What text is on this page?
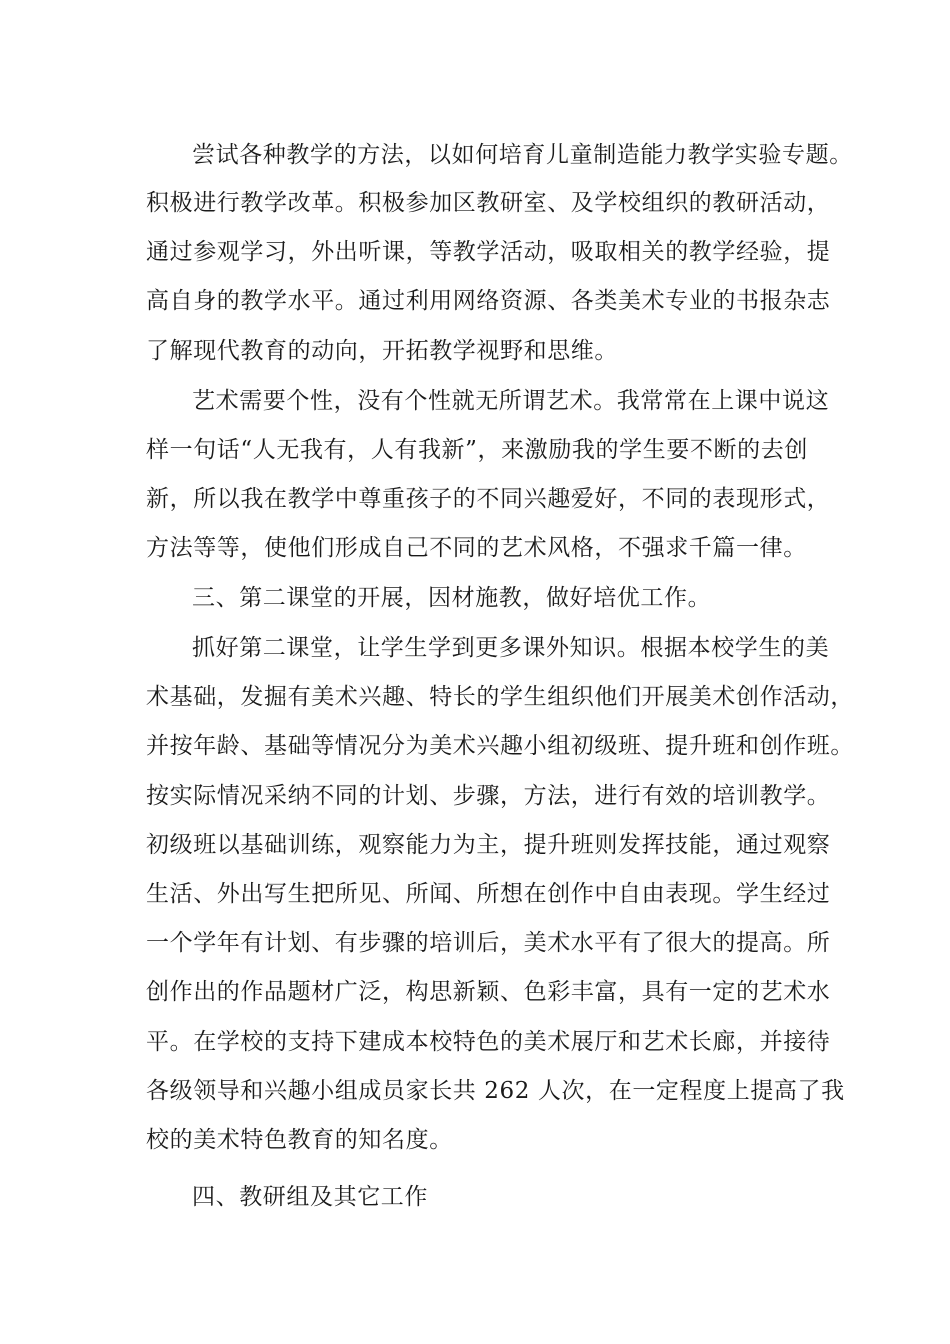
尝试各种教学的方法，以如何培育儿童制造能力教学实验专题。
积极进行教学改革。积极参加区教研室、及学校组织的教研活动，
通过参观学习，外出听课，等教学活动，吸取相关的教学经验，提
高自身的教学水平。通过利用网络资源、各类美术专业的书报杂志
了解现代教育的动向，开拓教学视野和思维。
艺术需要个性，没有个性就无所谓艺术。我常常在上课中说这
样一句话“人无我有，人有我新”，来激励我的学生要不断的去创
新，所以我在教学中尊重孩子的不同兴趣爱好，不同的表现形式，
方法等等，使他们形成自己不同的艺术风格，不强求千篇一律。
三、第二课堂的开展，因材施教，做好培优工作。
抓好第二课堂，让学生学到更多课外知识。根据本校学生的美
术基础，发掘有美术兴趣、特长的学生组织他们开展美术创作活动，
并按年龄、基础等情况分为美术兴趣小组初级班、提升班和创作班。
按实际情况采纳不同的计划、步骤，方法，进行有效的培训教学。
初级班以基础训练，观察能力为主，提升班则发挥技能，通过观察
生活、外出写生把所见、所闻、所想在创作中自由表现。学生经过
一个学年有计划、有步骤的培训后，美术水平有了很大的提高。所
创作出的作品题材广泛，构思新颖、色彩丰富，具有一定的艺术水
平。在学校的支持下建成本校特色的美术展厅和艺术长廊，并接待
各级领导和兴趣小组成员家长共 262 人次，在一定程度上提高了我
校的美术特色教育的知名度。
四、教研组及其它工作
